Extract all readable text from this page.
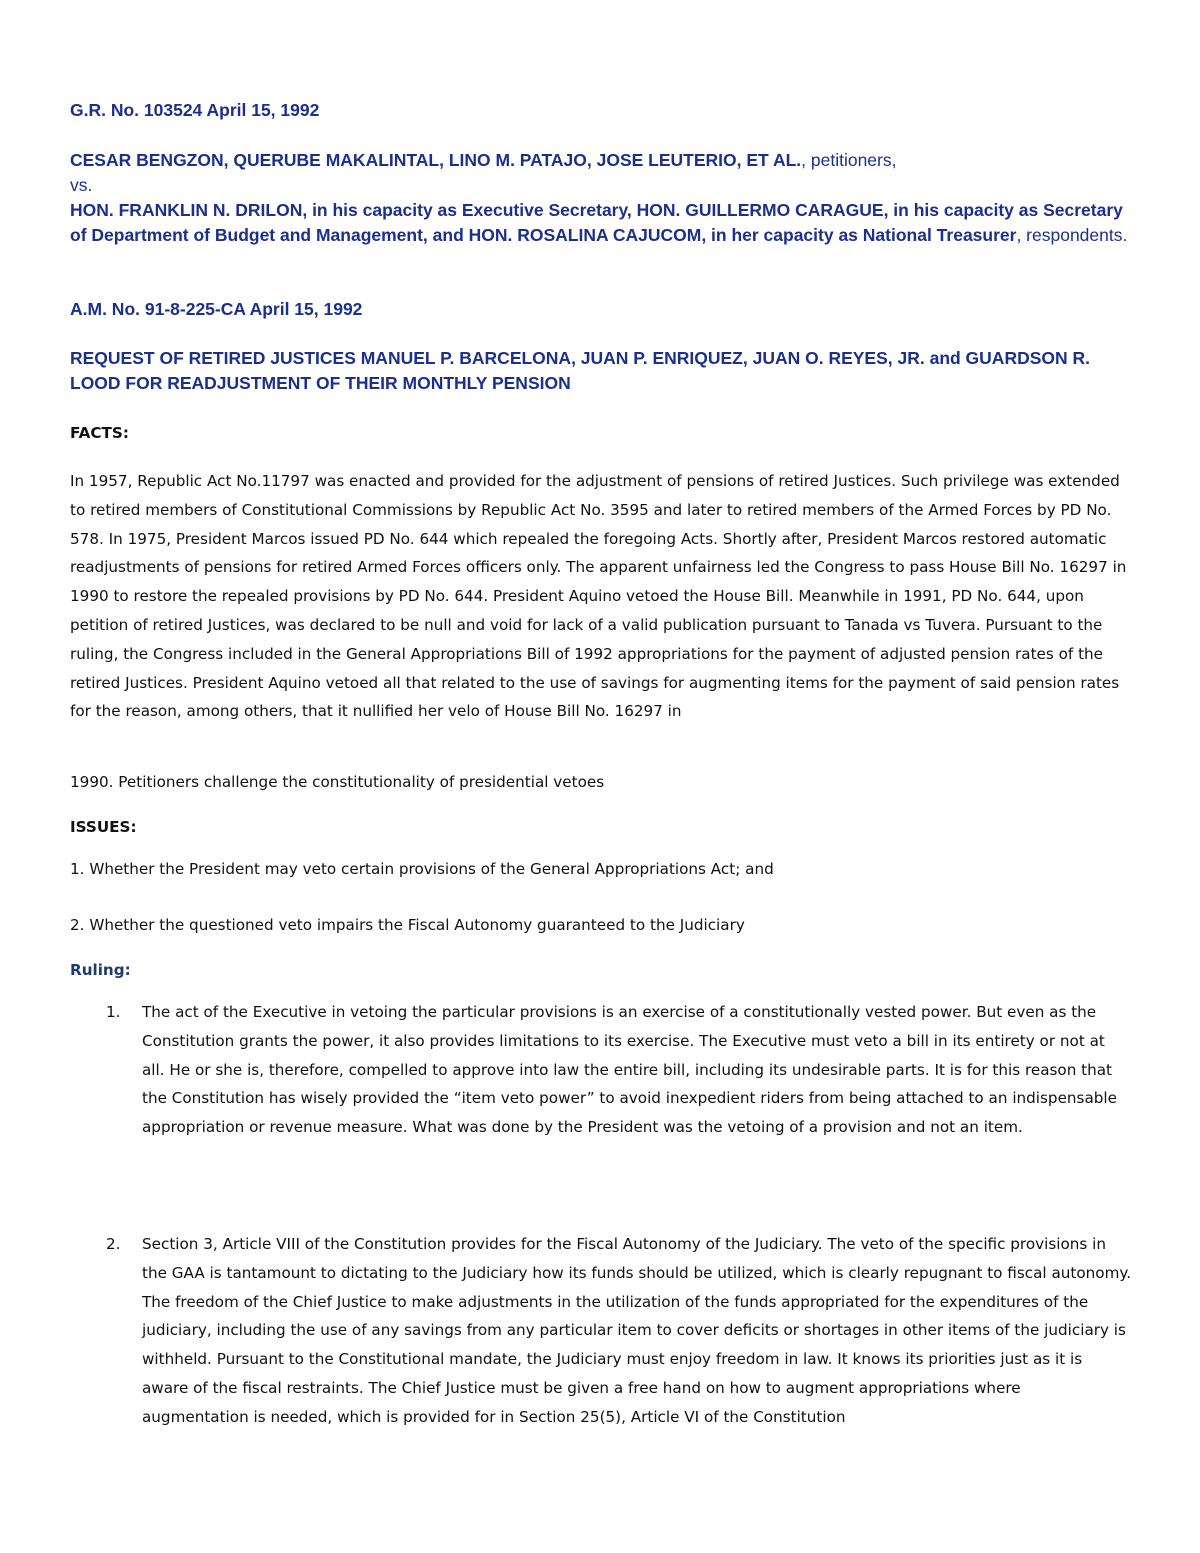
G.R. No. 103524 April 15, 1992
CESAR BENGZON, QUERUBE MAKALINTAL, LINO M. PATAJO, JOSE LEUTERIO, ET AL., petitioners,
vs.
HON. FRANKLIN N. DRILON, in his capacity as Executive Secretary, HON. GUILLERMO CARAGUE, in his capacity as Secretary of Department of Budget and Management, and HON. ROSALINA CAJUCOM, in her capacity as National Treasurer, respondents.
A.M. No. 91-8-225-CA April 15, 1992
REQUEST OF RETIRED JUSTICES MANUEL P. BARCELONA, JUAN P. ENRIQUEZ, JUAN O. REYES, JR. and GUARDSON R. LOOD FOR READJUSTMENT OF THEIR MONTHLY PENSION
FACTS:
In 1957, Republic Act No.11797 was enacted and provided for the adjustment of pensions of retired Justices. Such privilege was extended to retired members of Constitutional Commissions by Republic Act No. 3595 and later to retired members of the Armed Forces by PD No. 578. In 1975, President Marcos issued PD No. 644 which repealed the foregoing Acts. Shortly after, President Marcos restored automatic readjustments of pensions for retired Armed Forces officers only. The apparent unfairness led the Congress to pass House Bill No. 16297 in 1990 to restore the repealed provisions by PD No. 644. President Aquino vetoed the House Bill. Meanwhile in 1991, PD No. 644, upon petition of retired Justices, was declared to be null and void for lack of a valid publication pursuant to Tanada vs Tuvera. Pursuant to the ruling, the Congress included in the General Appropriations Bill of 1992 appropriations for the payment of adjusted pension rates of the retired Justices. President Aquino vetoed all that related to the use of savings for augmenting items for the payment of said pension rates for the reason, among others, that it nullified her velo of House Bill No. 16297 in
1990. Petitioners challenge the constitutionality of presidential vetoes
ISSUES:
1. Whether the President may veto certain provisions of the General Appropriations Act; and
2. Whether the questioned veto impairs the Fiscal Autonomy guaranteed to the Judiciary
Ruling:
1. The act of the Executive in vetoing the particular provisions is an exercise of a constitutionally vested power. But even as the Constitution grants the power, it also provides limitations to its exercise. The Executive must veto a bill in its entirety or not at all. He or she is, therefore, compelled to approve into law the entire bill, including its undesirable parts. It is for this reason that the Constitution has wisely provided the “item veto power” to avoid inexpedient riders from being attached to an indispensable appropriation or revenue measure. What was done by the President was the vetoing of a provision and not an item.
2. Section 3, Article VIII of the Constitution provides for the Fiscal Autonomy of the Judiciary. The veto of the specific provisions in the GAA is tantamount to dictating to the Judiciary how its funds should be utilized, which is clearly repugnant to fiscal autonomy. The freedom of the Chief Justice to make adjustments in the utilization of the funds appropriated for the expenditures of the judiciary, including the use of any savings from any particular item to cover deficits or shortages in other items of the judiciary is withheld. Pursuant to the Constitutional mandate, the Judiciary must enjoy freedom in law. It knows its priorities just as it is aware of the fiscal restraints. The Chief Justice must be given a free hand on how to augment appropriations where augmentation is needed, which is provided for in Section 25(5), Article VI of the Constitution
